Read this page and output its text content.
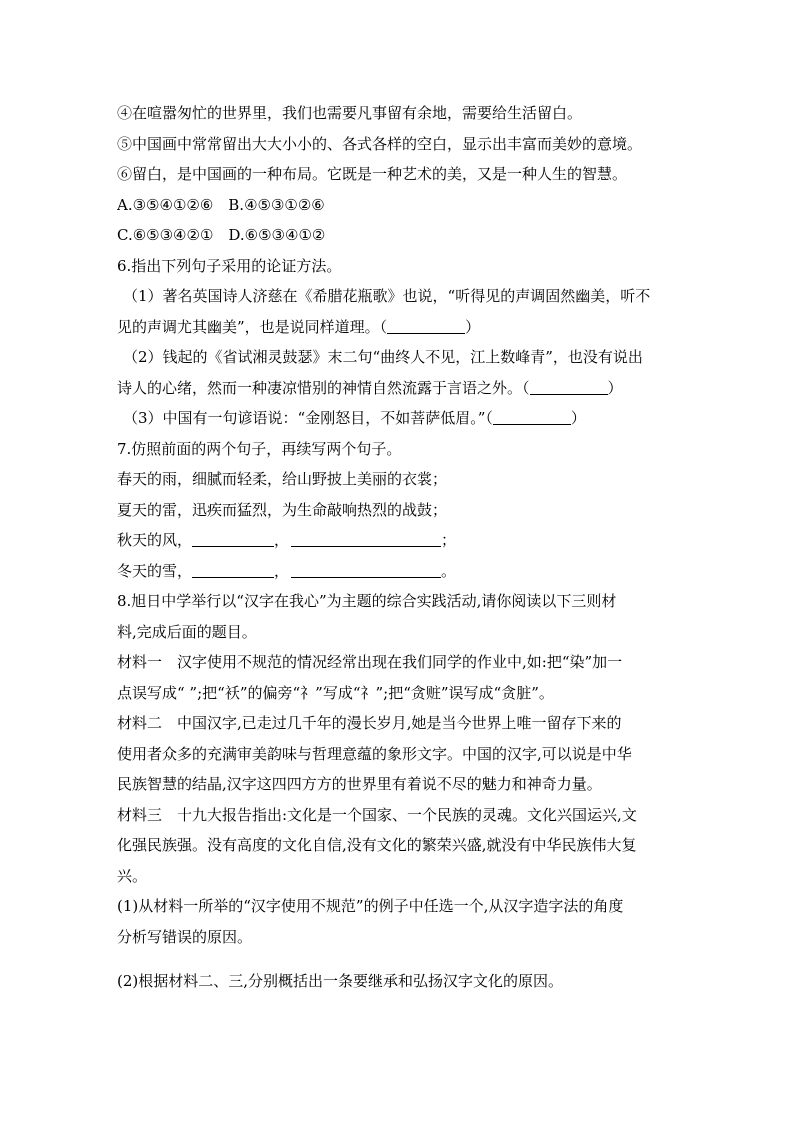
④在喧嚣匆忙的世界里，我们也需要凡事留有余地，需要给生活留白。
⑤中国画中常常留出大大小小的、各式各样的空白，显示出丰富而美妙的意境。
⑥留白，是中国画的一种布局。它既是一种艺术的美，又是一种人生的智慧。
A.③⑤④①②⑥　B.④⑤③①②⑥
C.⑥⑤③④②①　D.⑥⑤③④①②
6.指出下列句子采用的论证方法。
（1）著名英国诗人济慈在《希腊花瓶歌》也说，“听得见的声调固然幽美，听不
见的声调尤其幽美”，也是说同样道理。（	）
（2）钱起的《省试湘灵鼓瑟》末二句“曲终人不见，江上数峰青”，也没有说出
诗人的心绪，然而一种凄凉惜别的神情自然流露于言语之外。（	）
（3）中国有一句谚语说：“金刚怒目，不如菩萨低眉。”（	）
7.仿照前面的两个句子，再续写两个句子。
春天的雨，细腻而轻柔，给山野披上美丽的衣裳；
夏天的雷，迅疾而猛烈，为生命敲响热烈的战鼓；
秋天的风，	，	；
冬天的雪，	，	。
8.旭日中学举行以“汉字在我心”为主题的综合实践活动,请你阅读以下三则材
料,完成后面的题目。
材料一　汉字使用不规范的情况经常出现在我们同学的作业中,如:把“染”加一
点误写成“ ”;把“袄”的偏旁“礻”写成“礻”;把“贪赃”误写成“贪脏”。
材料二　中国汉字,已走过几千年的漫长岁月,她是当今世界上唯一留存下来的
使用者众多的充满审美韵味与哲理意蕴的象形文字。中国的汉字,可以说是中华
民族智慧的结晶,汉字这四四方方的世界里有着说不尽的魅力和神奇力量。
材料三　十九大报告指出:文化是一个国家、一个民族的灵魂。文化兴国运兴,文
化强民族强。没有高度的文化自信,没有文化的繁荣兴盛,就没有中华民族伟大复
兴。
(1)从材料一所举的“汉字使用不规范”的例子中任选一个,从汉字造字法的角度
分析写错误的原因。
(2)根据材料二、三,分别概括出一条要继承和弘扬汉字文化的原因。
